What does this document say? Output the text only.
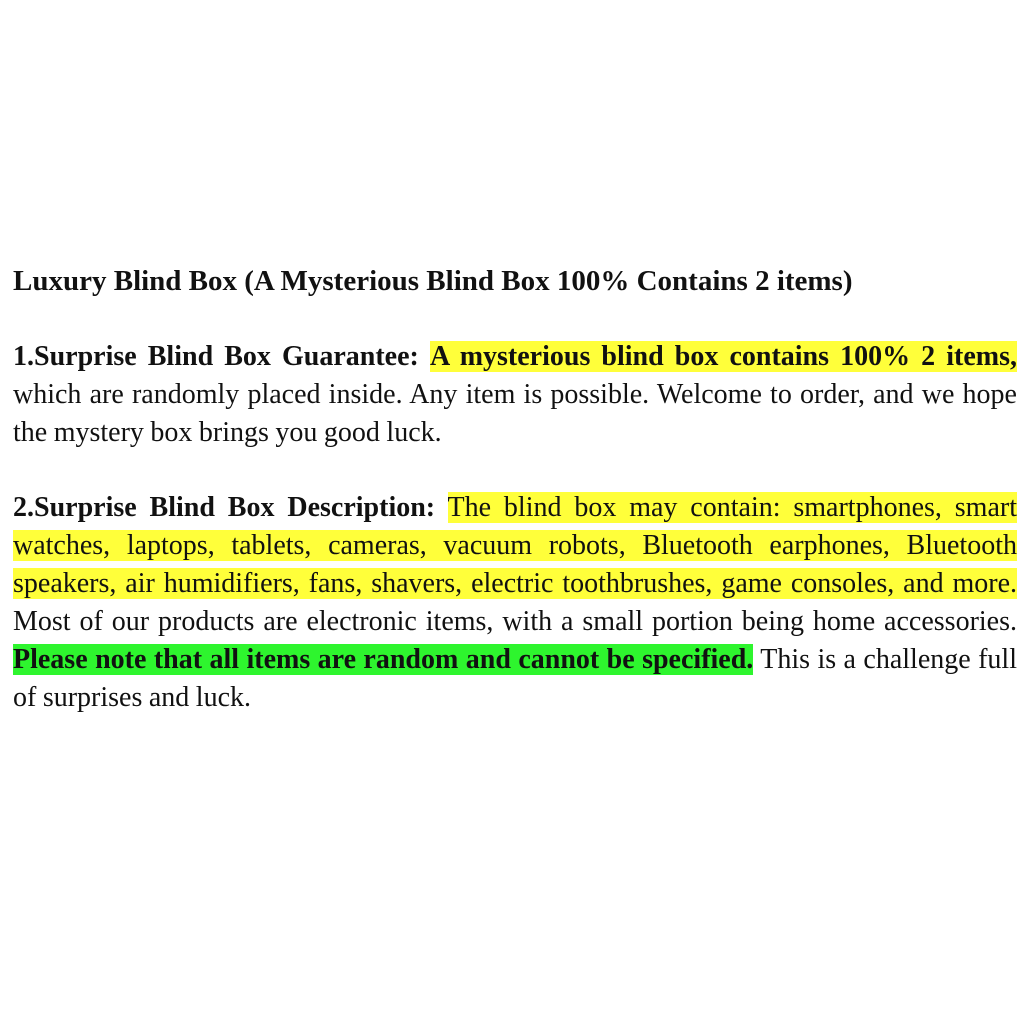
Luxury Blind Box (A Mysterious Blind Box 100% Contains 2 items)
1.Surprise Blind Box Guarantee: A mysterious blind box contains 100% 2 items, which are randomly placed inside. Any item is possible. Welcome to order, and we hope the mystery box brings you good luck.
2.Surprise Blind Box Description: The blind box may contain: smartphones, smart watches, laptops, tablets, cameras, vacuum robots, Bluetooth earphones, Bluetooth speakers, air humidifiers, fans, shavers, electric toothbrushes, game consoles, and more. Most of our products are electronic items, with a small portion being home accessories. Please note that all items are random and cannot be specified. This is a challenge full of surprises and luck.
